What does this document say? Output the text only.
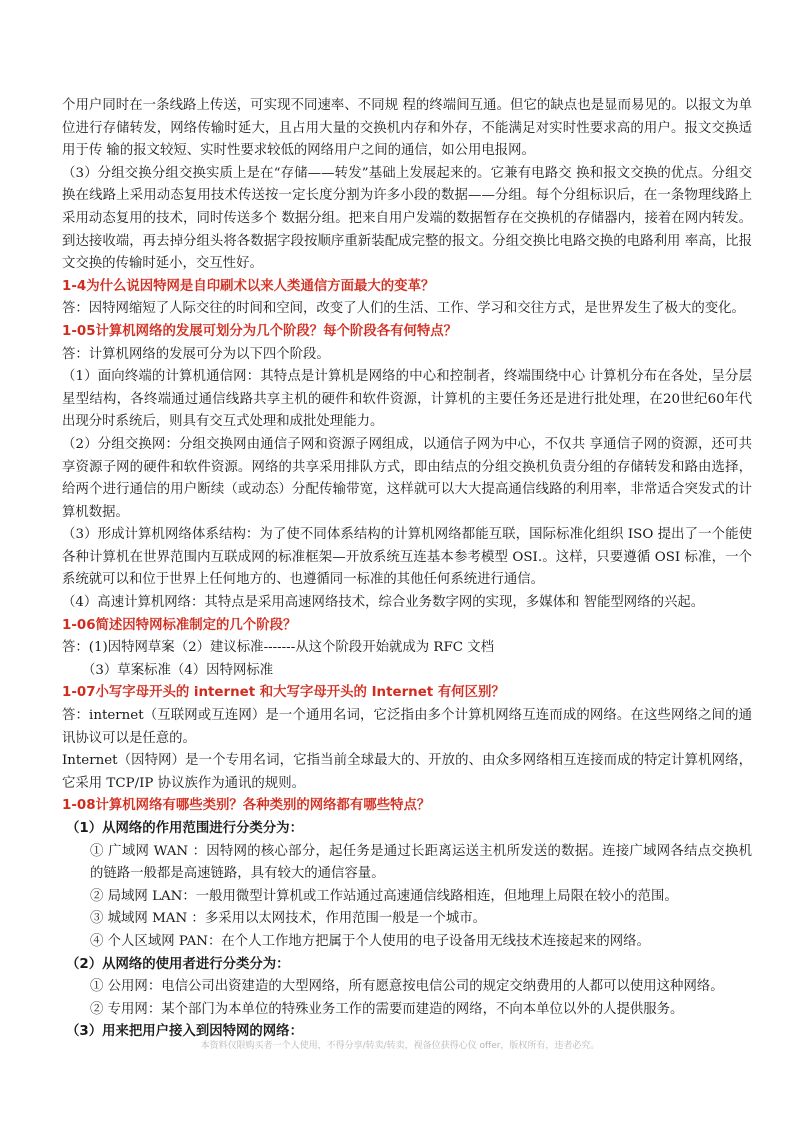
个用户同时在一条线路上传送，可实现不同速率、不同规 程的终端间互通。但它的缺点也是显而易见的。以报文为单位进行存储转发，网络传输时延大，且占用大量的交换机内存和外存，不能满足对实时性要求高的用户。报文交换适用于传 输的报文较短、实时性要求较低的网络用户之间的通信，如公用电报网。

（3）分组交换分组交换实质上是在“存储——转发”基础上发展起来的。它兼有电路交 换和报文交换的优点。分组交换在线路上采用动态复用技术传送按一定长度分割为许多小段的数据——分组。每个分组标识后，在一条物理线路上采用动态复用的技术，同时传送多个 数据分组。把来自用户发端的数据暂存在交换机的存储器内，接着在网内转发。到达接收端，再去掉分组头将各数据字段按顺序重新装配成完整的报文。分组交换比电路交换的电路利用 率高，比报文交换的传输时延小，交互性好。

1-4为什么说因特网是自印刷术以来人类通信方面最大的变革？

答：因特网缩短了人际交往的时间和空间，改变了人们的生活、工作、学习和交往方式，是世界发生了极大的变化。

1-05计算机网络的发展可划分为几个阶段？每个阶段各有何特点？

答：计算机网络的发展可分为以下四个阶段。

（1）面向终端的计算机通信网：其特点是计算机是网络的中心和控制者，终端围绕中心 计算机分布在各处，呈分层星型结构，各终端通过通信线路共享主机的硬件和软件资源，计算机的主要任务还是进行批处理，在20世纪60年代出现分时系统后，则具有交互式处理和成批处理能力。

（2）分组交换网：分组交换网由通信子网和资源子网组成，以通信子网为中心，不仅共 享通信子网的资源，还可共享资源子网的硬件和软件资源。网络的共享采用排队方式，即由结点的分组交换机负责分组的存储转发和路由选择，给两个进行通信的用户断续（或动态）分配传输带宽，这样就可以大大提高通信线路的利用率，非常适合突发式的计算机数据。

（3）形成计算机网络体系结构：为了使不同体系结构的计算机网络都能互联，国际标准化组织 ISO 提出了一个能使各种计算机在世界范围内互联成网的标准框架—开放系统互连基本参考模型 OSI.。这样，只要遵循 OSI 标准，一个系统就可以和位于世界上任何地方的、也遵循同一标准的其他任何系统进行通信。

（4）高速计算机网络：其特点是采用高速网络技术，综合业务数字网的实现，多媒体和 智能型网络的兴起。

1-06简述因特网标准制定的几个阶段？

答：(1)因特网草案（2）建议标准-------从这个阶段开始就成为 RFC 文档

（3）草案标准（4）因特网标准

1-07小写字母开头的 internet 和大写字母开头的 Internet 有何区别？

答：internet（互联网或互连网）是一个通用名词，它泛指由多个计算机网络互连而成的网络。在这些网络之间的通讯协议可以是任意的。

Internet（因特网）是一个专用名词，它指当前全球最大的、开放的、由众多网络相互连接而成的特定计算机网络，它采用 TCP/IP 协议族作为通讯的规则。

1-08计算机网络有哪些类别？各种类别的网络都有哪些特点？

（1）从网络的作用范围进行分类分为：

① 广域网 WAN ：因特网的核心部分，起任务是通过长距离运送主机所发送的数据。连接广域网各结点交换机的链路一般都是高速链路，具有较大的通信容量。

② 局域网 LAN：一般用微型计算机或工作站通过高速通信线路相连，但地理上局限在较小的范围。

③ 城域网 MAN ：多采用以太网技术，作用范围一般是一个城市。

④ 个人区域网 PAN：在个人工作地方把属于个人使用的电子设备用无线技术连接起来的网络。

（2）从网络的使用者进行分类分为：

① 公用网：电信公司出资建造的大型网络，所有愿意按电信公司的规定交纳费用的人都可以使用这种网络。

② 专用网：某个部门为本单位的特殊业务工作的需要而建造的网络，不向本单位以外的人提供服务。

（3）用来把用户接入到因特网的网络：

本资料仅限购买者一个人使用，不得分享/转卖/转卖，视备位获得心仪 offer，版权所有，违者必究。
